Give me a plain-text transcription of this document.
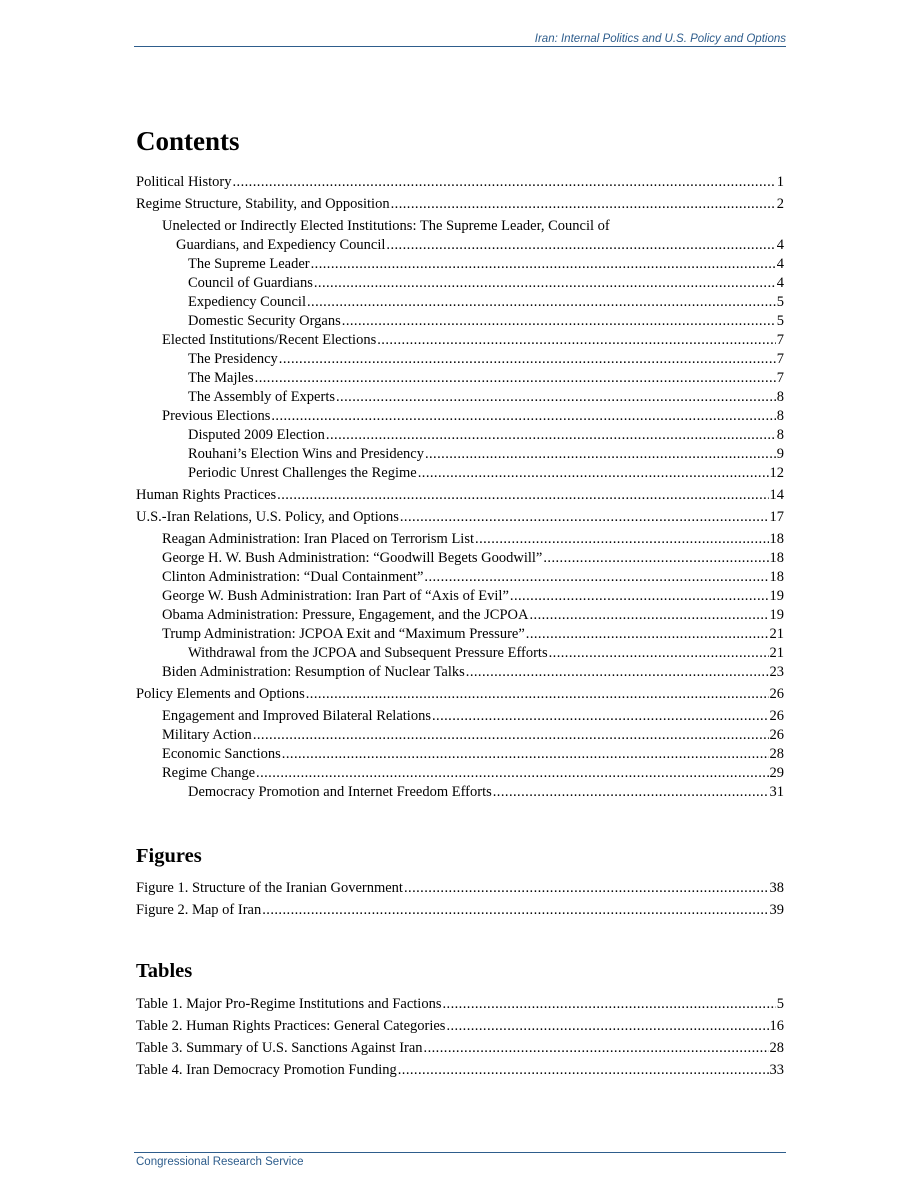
Iran: Internal Politics and U.S. Policy and Options
Contents
Political History . . .	1
Regime Structure, Stability, and Opposition . . .	2
Unelected or Indirectly Elected Institutions: The Supreme Leader, Council of
Guardians, and Expediency Council . . .	4
The Supreme Leader . . .	4
Council of Guardians . . .	4
Expediency Council . . .	5
Domestic Security Organs . . .	5
Elected Institutions/Recent Elections . . .	7
The Presidency . . .	7
The Majles . . .	7
The Assembly of Experts . . .	8
Previous Elections . . .	8
Disputed 2009 Election . . .	8
Rouhani’s Election Wins and Presidency . . .	9
Periodic Unrest Challenges the Regime . . .	12
Human Rights Practices . . .	14
U.S.-Iran Relations, U.S. Policy, and Options . . .	17
Reagan Administration: Iran Placed on Terrorism List . . .	18
George H. W. Bush Administration: “Goodwill Begets Goodwill” . . .	18
Clinton Administration: “Dual Containment” . . .	18
George W. Bush Administration: Iran Part of “Axis of Evil” . . .	19
Obama Administration: Pressure, Engagement, and the JCPOA . . .	19
Trump Administration: JCPOA Exit and “Maximum Pressure” . . .	21
Withdrawal from the JCPOA and Subsequent Pressure Efforts . . .	21
Biden Administration: Resumption of Nuclear Talks . . .	23
Policy Elements and Options . . .	26
Engagement and Improved Bilateral Relations . . .	26
Military Action . . .	26
Economic Sanctions . . .	28
Regime Change . . .	29
Democracy Promotion and Internet Freedom Efforts . . .	31
Figures
Figure 1. Structure of the Iranian Government . . .	38
Figure 2. Map of Iran . . .	39
Tables
Table 1. Major Pro-Regime Institutions and Factions . . .	5
Table 2. Human Rights Practices: General Categories . . .	16
Table 3. Summary of U.S. Sanctions Against Iran . . .	28
Table 4. Iran Democracy Promotion Funding . . .	33
Congressional Research Service
